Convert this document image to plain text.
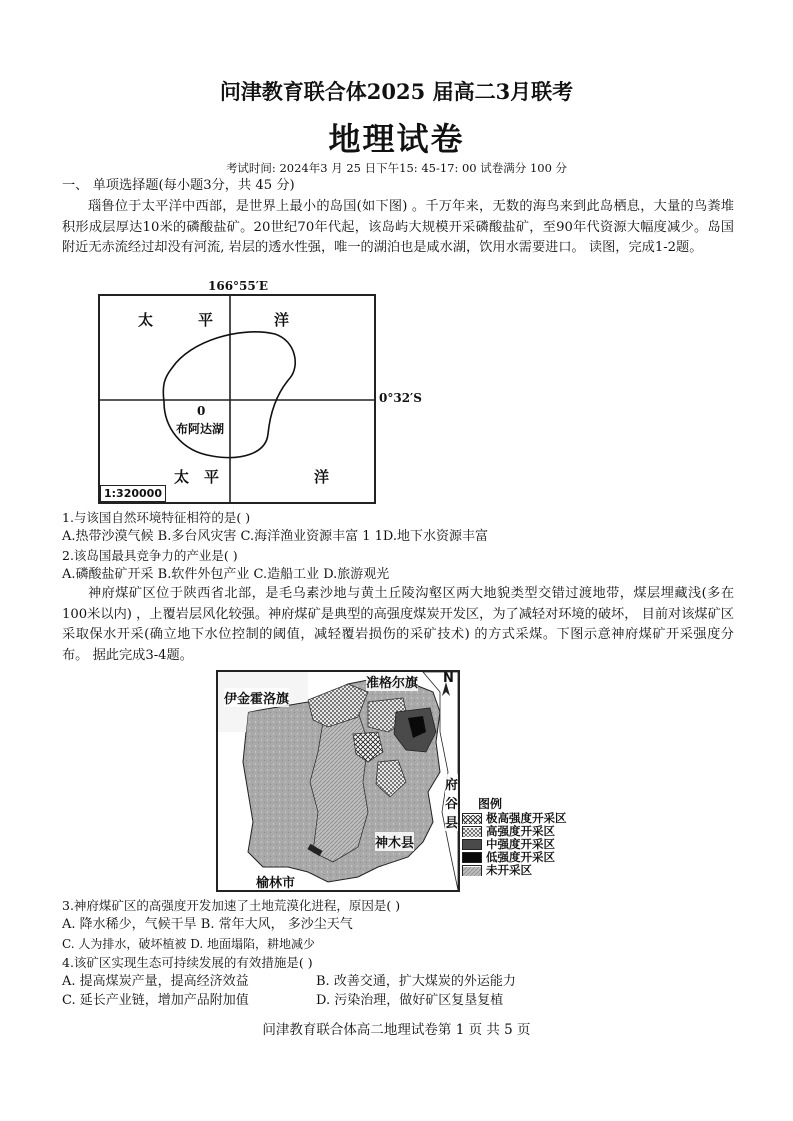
问津教育联合体2025 届高二3月联考
地理试卷
考试时间: 2024年3 月 25 日下午15: 45-17: 00 试卷满分 100 分
一、 单项选择题(每小题3分，共 45 分)
瑙鲁位于太平洋中西部，是世界上最小的岛国(如下图) 。千万年来，无数的海鸟来到此岛栖息，大量的鸟粪堆积形成层厚达10米的磷酸盐矿。20世纪70年代起，该岛屿大规模开采磷酸盐矿，至90年代资源大幅度减少。岛国附近无赤流经过却没有河流, 岩层的透水性强，唯一的湖泊也是咸水湖，饮用水需要进口。 读图，完成1-2题。
166°55′E
太	平	洋
0
布阿达湖
太 平	洋
1:320000
0°32′S
1.与该国自然环境特征相符的是( )
A.热带沙漠气候 B.多台风灾害 C.海洋渔业资源丰富 1 1D.地下水资源丰富
2.该岛国最具竞争力的产业是( )
A.磷酸盐矿开采 B.软件外包产业 C.造船工业 D.旅游观光
神府煤矿区位于陕西省北部，是毛乌素沙地与黄土丘陵沟壑区两大地貌类型交错过渡地带，煤层埋藏浅(多在100米以内) ，上覆岩层风化较强。神府煤矿是典型的高强度煤炭开发区，为了减轻对环境的破坏， 目前对该煤矿区采取保水开采(确立地下水位控制的阈值，减轻覆岩损伤的采矿技术) 的方式采煤。下图示意神府煤矿开采强度分布。 据此完成3-4题。
伊金霍洛旗
准格尔旗 N
府
谷
县
神木县
榆林市
图例
极高强度开采区
高强度开采区
中强度开采区
低强度开采区
未开采区
3.神府煤矿区的高强度开发加速了土地荒漠化进程，原因是( )
A. 降水稀少，气候干旱 B. 常年大风， 多沙尘天气
C. 人为排水，破坏植被 D. 地面塌陷，耕地减少
4.该矿区实现生态可持续发展的有效措施是( )
A. 提高煤炭产量，提高经济效益	B. 改善交通，扩大煤炭的外运能力
C. 延长产业链，增加产品附加值	D. 污染治理，做好矿区复垦复植
问津教育联合体高二地理试卷第 1 页 共 5 页
